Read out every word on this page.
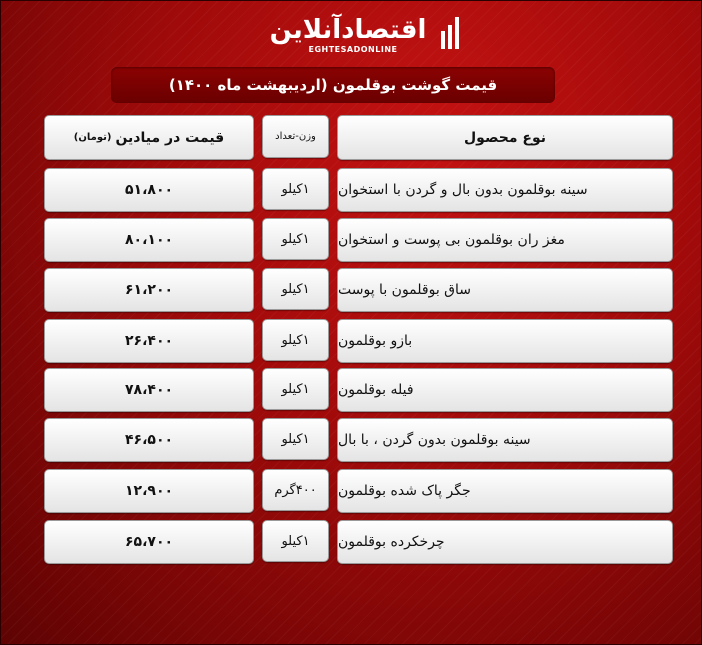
اقتصادآنلاین
EGHTESADONLINE
قیمت گوشت بوقلمون (اردیبهشت ماه ۱۴۰۰)
نوع محصول
وزن-تعداد
قیمت در میادین
(تومان)
سینه بوقلمون بدون بال و گردن با استخوان
۱کیلو
۵۱،۸۰۰
مغز ران بوقلمون بی پوست و استخوان
۱کیلو
۸۰،۱۰۰
ساق بوقلمون با پوست
۱کیلو
۶۱،۲۰۰
بازو بوقلمون
۱کیلو
۲۶،۴۰۰
فیله بوقلمون
۱کیلو
۷۸،۴۰۰
سینه بوقلمون بدون گردن ، با بال
۱کیلو
۴۶،۵۰۰
جگر پاک شده بوقلمون
۴۰۰گرم
۱۲،۹۰۰
چرخکرده بوقلمون
۱کیلو
۶۵،۷۰۰
